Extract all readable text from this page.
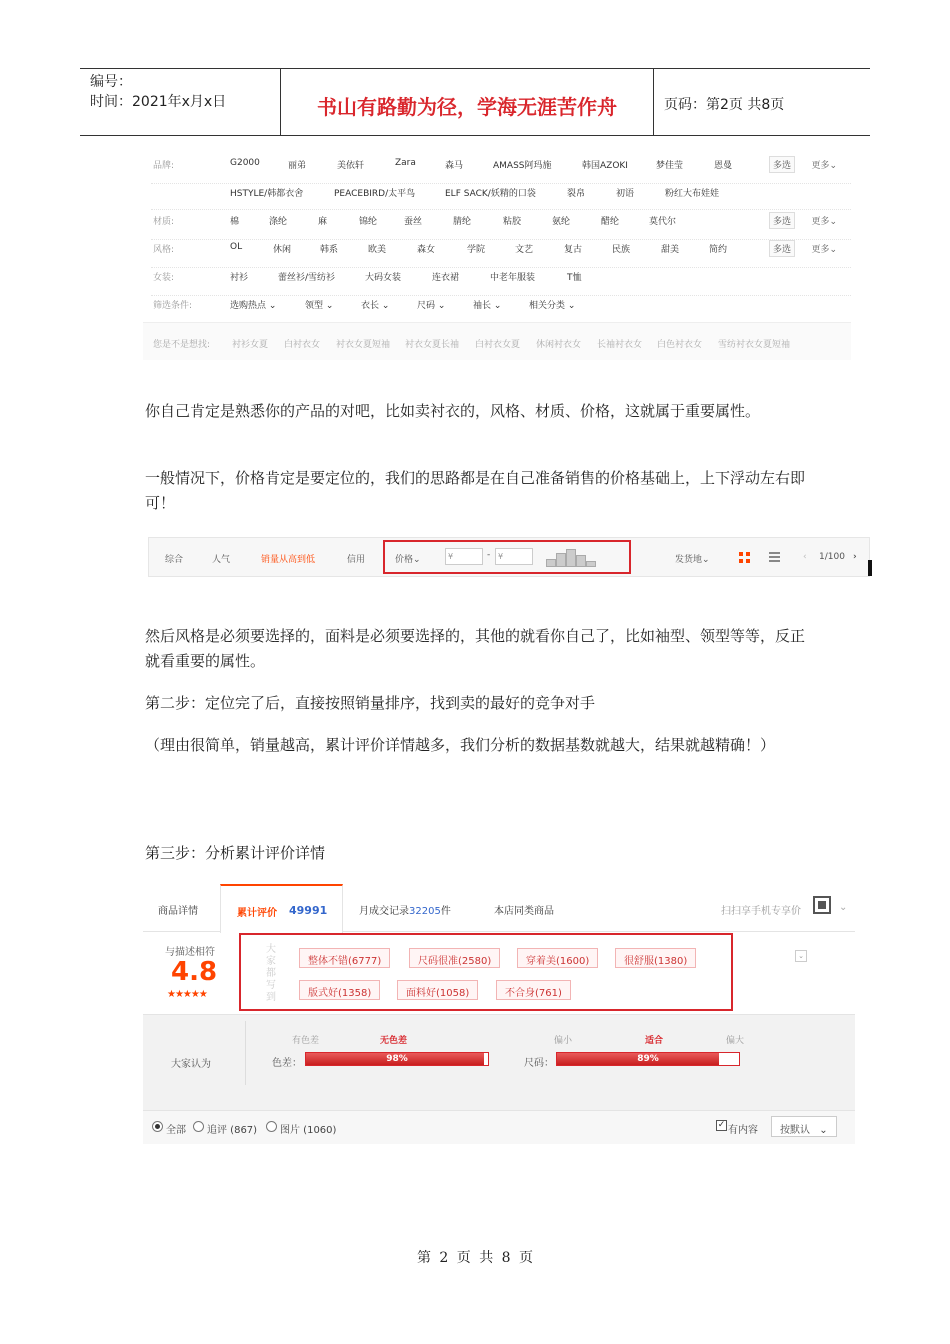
编号：
时间：2021年x月x日	书山有路勤为径，学海无涯苦作舟	页码：第2页 共8页
品牌:	G2000	丽弟	美依轩	Zara	森马	AMASS阿玛施	韩国AZOKI	梦佳莹	恩曼	多选	更多⌄
HSTYLE/韩都衣舍	PEACEBIRD/太平鸟	ELF SACK/妖精的口袋	裂帛	初语	粉红大布娃娃
材质:	棉	涤纶	麻	锦纶	蚕丝	腈纶	粘胶	氨纶	醋纶	莫代尔	多选	更多⌄
风格:	OL	休闲	韩系	欧美	森女	学院	文艺	复古	民族	甜美	简约	多选	更多⌄
女装:	衬衫	蕾丝衫/雪纺衫	大码女装	连衣裙	中老年服装	T恤
筛选条件:	选购热点 ⌄	领型 ⌄	衣长 ⌄	尺码 ⌄	袖长 ⌄	相关分类 ⌄
您是不是想找: 衬衫女夏 白衬衣女 衬衣女夏短袖 衬衣女夏长袖 白衬衣女夏 休闲衬衣女 长袖衬衣女 白色衬衣女 雪纺衬衣女夏短袖

你自己肯定是熟悉你的产品的对吧，比如卖衬衣的，风格、材质、价格，这就属于重要属性。

一般情况下，价格肯定是要定位的，我们的思路都是在自己准备销售的价格基础上，上下浮动左右即可！

综合	人气	销量从高到低	信用	价格⌄	¥	- ¥	发货地⌄	‹ 1/100 ›

然后风格是必须要选择的，面料是必须要选择的，其他的就看你自己了，比如袖型、领型等等，反正就看重要的属性。

第二步：定位完了后，直接按照销量排序，找到卖的最好的竞争对手

（理由很简单，销量越高，累计评价详情越多，我们分析的数据基数就越大，结果就越精确！）

第三步：分析累计评价详情

商品详情	累计评价 49991	月成交记录32205件	本店同类商品	扫扫享手机专享价	⌄
与描述相符
4.8
★★★★★
大家都写到
整体不错(6777)	尺码很准(2580)	穿着美(1600)	很舒服(1380)
版式好(1358)	面料好(1058)	不合身(761)
⌄
大家认为
有色差	无色差
色差：	98%
偏小	适合	偏大
尺码：	89%
全部 追评 (867) 图片 (1060)	✓ 有内容	按默认 ⌄
第 2 页 共 8 页
